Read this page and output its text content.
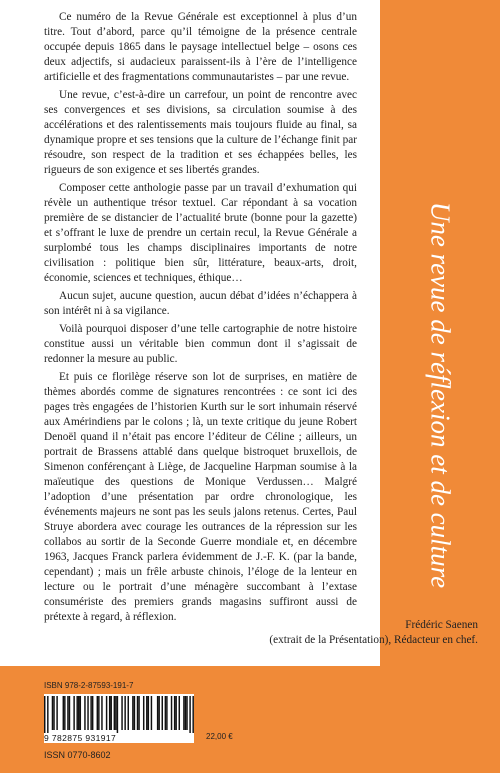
Une revue de réflexion et de culture

Ce numéro de la Revue Générale est exceptionnel à plus d’un titre. Tout d’abord, parce qu’il témoigne de la présence centrale occupée depuis 1865 dans le paysage intellectuel belge – osons ces deux adjectifs, si audacieux paraissent-ils à l’ère de l’intelligence artificielle et des fragmentations communautaristes – par une revue.

Une revue, c’est-à-dire un carrefour, un point de rencontre avec ses convergences et ses divisions, sa circulation soumise à des accélérations et des ralentissements mais toujours fluide au final, sa dynamique propre et ses tensions que la culture de l’échange finit par résoudre, son respect de la tradition et ses échappées belles, les rigueurs de son exigence et ses libertés grandes.

Composer cette anthologie passe par un travail d’exhumation qui révèle un authentique trésor textuel. Car répondant à sa vocation première de se distancier de l’actualité brute (bonne pour la gazette) et s’offrant le luxe de prendre un certain recul, la Revue Générale a surplombé tous les champs disciplinaires importants de notre civilisation : politique bien sûr, littérature, beaux-arts, droit, économie, sciences et techniques, éthique…

Aucun sujet, aucune question, aucun débat d’idées n’échappera à son intérêt ni à sa vigilance.

Voilà pourquoi disposer d’une telle cartographie de notre histoire constitue aussi un véritable bien commun dont il s’agissait de redonner la mesure au public.

Et puis ce florilège réserve son lot de surprises, en matière de thèmes abordés comme de signatures rencontrées : ce sont ici des pages très engagées de l’historien Kurth sur le sort inhumain réservé aux Amérindiens par le colons ; là, un texte critique du jeune Robert Denoël quand il n’était pas encore l’éditeur de Céline ; ailleurs, un portrait de Brassens attablé dans quelque bistroquet bruxellois, de Simenon conférençant à Liège, de Jacqueline Harpman soumise à la maïeutique des questions de Monique Verdussen… Malgré l’adoption d’une présentation par ordre chronologique, les événements majeurs ne sont pas les seuls jalons retenus. Certes, Paul Struye abordera avec courage les outrances de la répression sur les collabos au sortir de la Seconde Guerre mondiale et, en décembre 1963, Jacques Franck parlera évidemment de J.-F. K. (par la bande, cependant) ; mais un frêle arbuste chinois, l’éloge de la lenteur en lecture ou le portrait d’une ménagère succombant à l’extase consumériste des premiers grands magasins suffiront aussi de prétexte à regard, à réflexion.

Frédéric Saenen
(extrait de la Présentation), Rédacteur en chef.
ISBN 978-2-87593-191-7
9 782875 931917	22,00 €
ISSN 0770-8602
